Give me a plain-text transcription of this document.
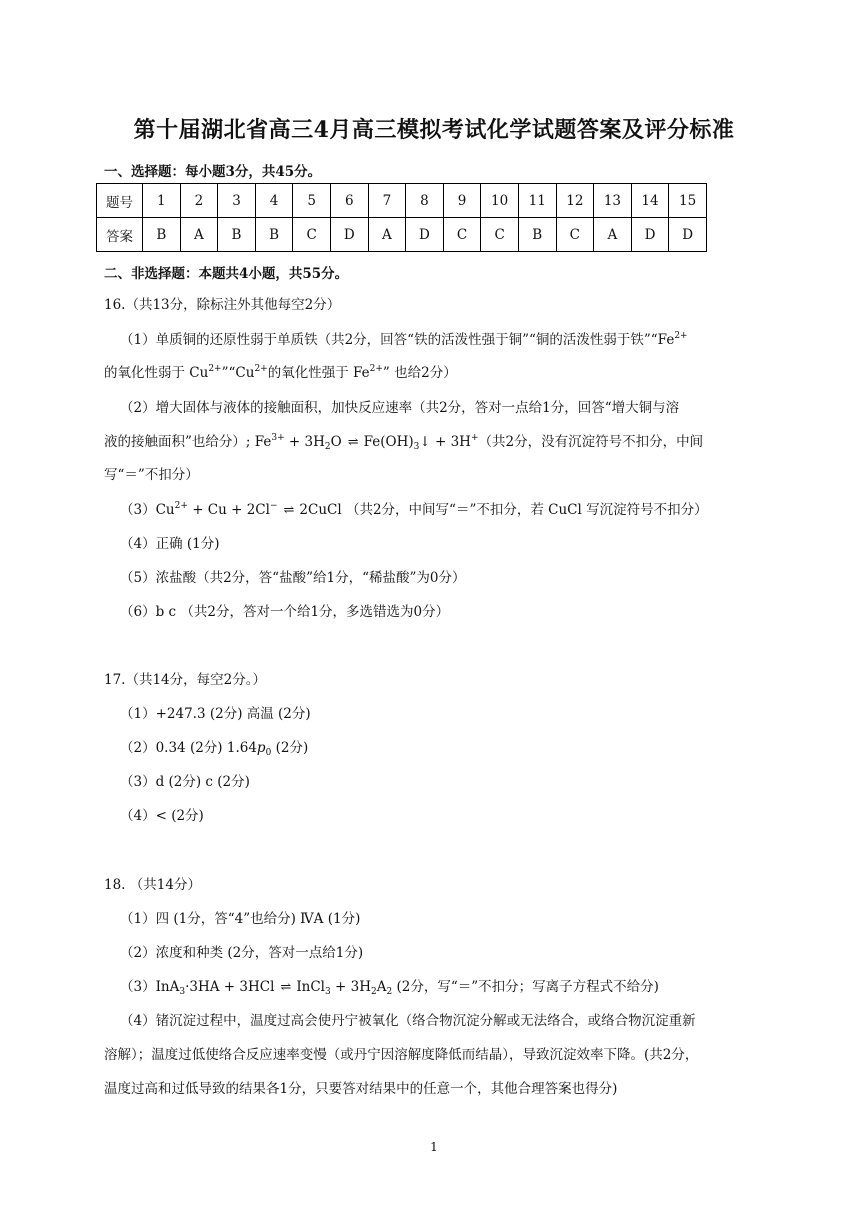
第十届湖北省高三4月高三模拟考试化学试题答案及评分标准
一、选择题：每小题3分，共45分。
题号	1	2	3	4	5	6	7	8	9	10	11	12	13	14	15
答案	B	A	B	B	C	D	A	D	C	C	B	C	A	D	D
二、非选择题：本题共4小题，共55分。
16.（共13分，除标注外其他每空2分）
（1）单质铜的还原性弱于单质铁（共2分，回答“铁的活泼性强于铜”“铜的活泼性弱于铁$”“Fe^{2+}$
的氧化性弱于 $Cu^{2+}”“Cu^{2+}$的氧化性强于 $Fe^{2+}$” 也给2分）
（2）增大固体与液体的接触面积，加快反应速率（共2分，答对一点给1分，回答“增大铜与溶
液的接触面积”也给分）; $Fe^{3+} + 3H_2O$ ⇌ $Fe(OH)_3↓ + 3H^+$（共2分，没有沉淀符号不扣分，中间
写“＝”不扣分）
$(3)Cu^{2+} + Cu + 2Cl^-$ ⇌ 2CuCl （共2分，中间写“＝”不扣分，若 CuCl 写沉淀符号不扣分）
（4）正确 (1分)
（5）浓盐酸（共2分，答“盐酸”给1分，“稀盐酸”为0分）
（6）b c （共2分，答对一个给1分，多选错选为0分）
17.（共14分，每空2分。）
（1）+247.3 (2分) 高温 (2分)
（2）0.34 (2分) $1.64p_0$ (2分)
（3）d (2分) c (2分)
（4）< (2分)
18. （共14分）
（1）四 (1分，答“4”也给分) ⅣA (1分)
（2）浓度和种类 (2分，答对一点给1分)
（3）InA$_3$·3HA + 3HCl ⇌ InCl$_3$ + $3H_2A_2$ (2分，写“＝”不扣分；写离子方程式不给分)
（4）锗沉淀过程中，温度过高会使丹宁被氧化（络合物沉淀分解或无法络合，或络合物沉淀重新
溶解）；温度过低使络合反应速率变慢（或丹宁因溶解度降低而结晶），导致沉淀效率下降。(共2分，
温度过高和过低导致的结果各1分，只要答对结果中的任意一个，其他合理答案也得分)
1
